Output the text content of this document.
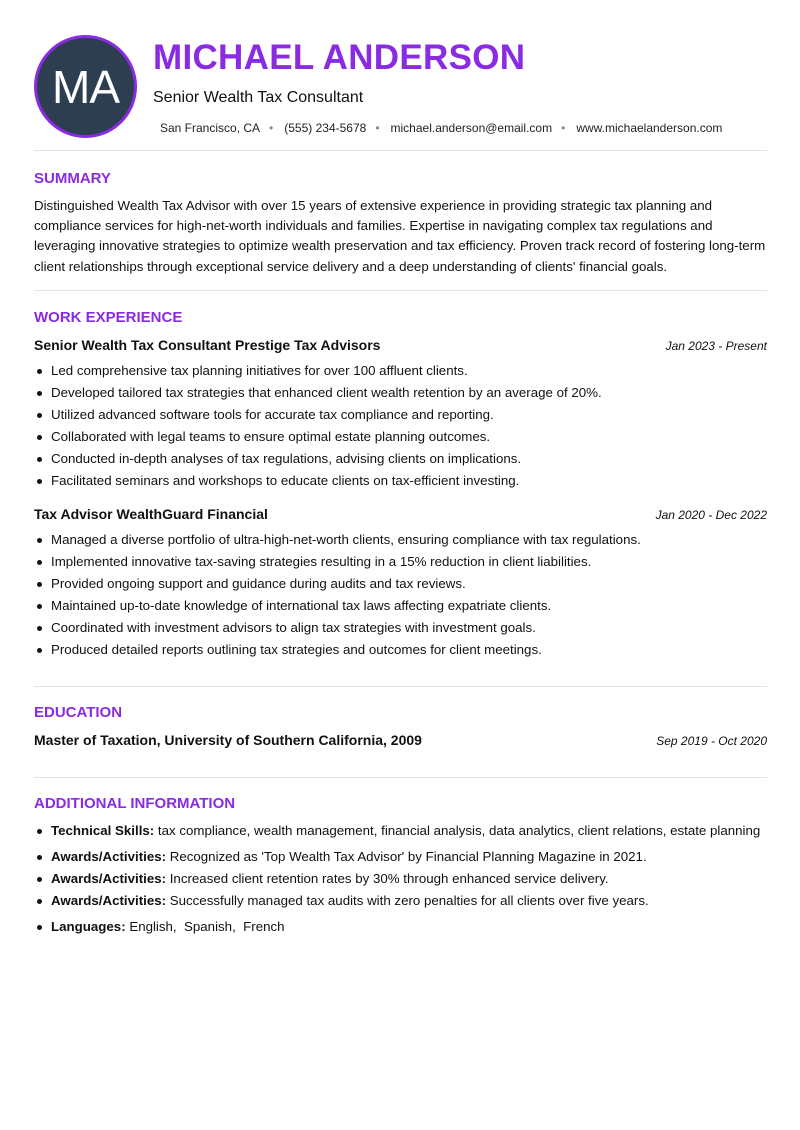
MA
MICHAEL ANDERSON
Senior Wealth Tax Consultant
San Francisco, CA • (555) 234-5678 • michael.anderson@email.com • www.michaelanderson.com
SUMMARY
Distinguished Wealth Tax Advisor with over 15 years of extensive experience in providing strategic tax planning and compliance services for high-net-worth individuals and families. Expertise in navigating complex tax regulations and leveraging innovative strategies to optimize wealth preservation and tax efficiency. Proven track record of fostering long-term client relationships through exceptional service delivery and a deep understanding of clients' financial goals.
WORK EXPERIENCE
Senior Wealth Tax Consultant Prestige Tax Advisors	Jan 2023 - Present
Led comprehensive tax planning initiatives for over 100 affluent clients.
Developed tailored tax strategies that enhanced client wealth retention by an average of 20%.
Utilized advanced software tools for accurate tax compliance and reporting.
Collaborated with legal teams to ensure optimal estate planning outcomes.
Conducted in-depth analyses of tax regulations, advising clients on implications.
Facilitated seminars and workshops to educate clients on tax-efficient investing.
Tax Advisor WealthGuard Financial	Jan 2020 - Dec 2022
Managed a diverse portfolio of ultra-high-net-worth clients, ensuring compliance with tax regulations.
Implemented innovative tax-saving strategies resulting in a 15% reduction in client liabilities.
Provided ongoing support and guidance during audits and tax reviews.
Maintained up-to-date knowledge of international tax laws affecting expatriate clients.
Coordinated with investment advisors to align tax strategies with investment goals.
Produced detailed reports outlining tax strategies and outcomes for client meetings.
EDUCATION
Master of Taxation, University of Southern California, 2009	Sep 2019 - Oct 2020
ADDITIONAL INFORMATION
Technical Skills: tax compliance, wealth management, financial analysis, data analytics, client relations, estate planning
Awards/Activities: Recognized as 'Top Wealth Tax Advisor' by Financial Planning Magazine in 2021.
Awards/Activities: Increased client retention rates by 30% through enhanced service delivery.
Awards/Activities: Successfully managed tax audits with zero penalties for all clients over five years.
Languages: English,  Spanish,  French
